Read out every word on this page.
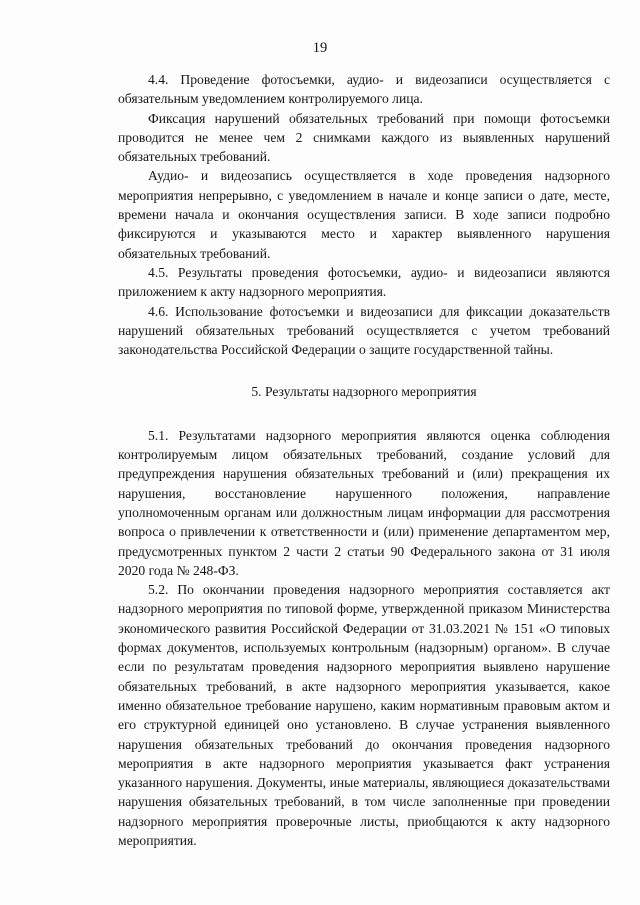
19

4.4. Проведение фотосъемки, аудио- и видеозаписи осуществляется с обязательным уведомлением контролируемого лица.

Фиксация нарушений обязательных требований при помощи фотосъемки проводится не менее чем 2 снимками каждого из выявленных нарушений обязательных требований.

Аудио- и видеозапись осуществляется в ходе проведения надзорного мероприятия непрерывно, с уведомлением в начале и конце записи о дате, месте, времени начала и окончания осуществления записи. В ходе записи подробно фиксируются и указываются место и характер выявленного нарушения обязательных требований.

4.5. Результаты проведения фотосъемки, аудио- и видеозаписи являются приложением к акту надзорного мероприятия.

4.6. Использование фотосъемки и видеозаписи для фиксации доказательств нарушений обязательных требований осуществляется с учетом требований законодательства Российской Федерации о защите государственной тайны.

5. Результаты надзорного мероприятия

5.1. Результатами надзорного мероприятия являются оценка соблюдения контролируемым лицом обязательных требований, создание условий для предупреждения нарушения обязательных требований и (или) прекращения их нарушения, восстановление нарушенного положения, направление уполномоченным органам или должностным лицам информации для рассмотрения вопроса о привлечении к ответственности и (или) применение департаментом мер, предусмотренных пунктом 2 части 2 статьи 90 Федерального закона от 31 июля 2020 года № 248-ФЗ.

5.2. По окончании проведения надзорного мероприятия составляется акт надзорного мероприятия по типовой форме, утвержденной приказом Министерства экономического развития Российской Федерации от 31.03.2021 № 151 «О типовых формах документов, используемых контрольным (надзорным) органом». В случае если по результатам проведения надзорного мероприятия выявлено нарушение обязательных требований, в акте надзорного мероприятия указывается, какое именно обязательное требование нарушено, каким нормативным правовым актом и его структурной единицей оно установлено. В случае устранения выявленного нарушения обязательных требований до окончания проведения надзорного мероприятия в акте надзорного мероприятия указывается факт устранения указанного нарушения. Документы, иные материалы, являющиеся доказательствами нарушения обязательных требований, в том числе заполненные при проведении надзорного мероприятия проверочные листы, приобщаются к акту надзорного мероприятия.
